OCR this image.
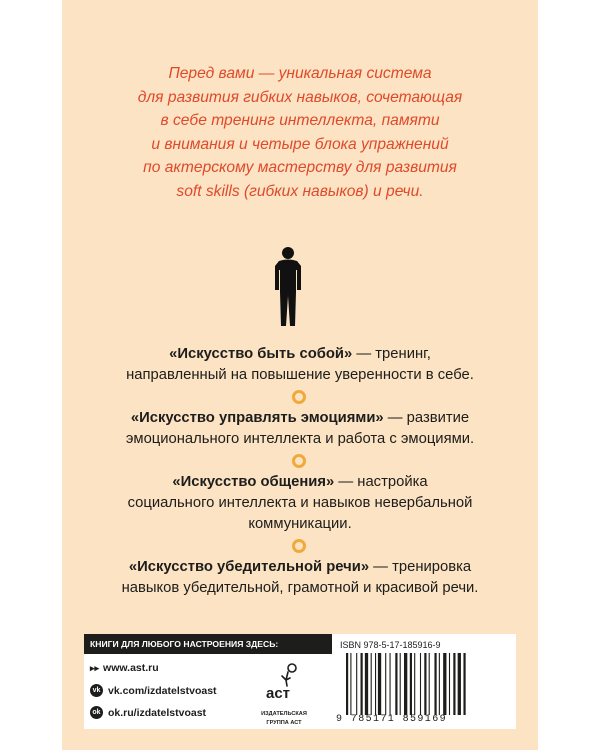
Перед вами — уникальная система
для развития гибких навыков, сочетающая
в себе тренинг интеллекта, памяти
и внимания и четыре блока упражнений
по актерскому мастерству для развития
soft skills (гибких навыков) и речи.
«Искусство быть собой» — тренинг,
направленный на повышение уверенности в себе.
«Искусство управлять эмоциями» — развитие
эмоционального интеллекта и работа с эмоциями.
«Искусство общения» — настройка
социального интеллекта и навыков невербальной
коммуникации.
«Искусство убедительной речи» — тренировка
навыков убедительной, грамотной и красивой речи.
КНИГИ ДЛЯ ЛЮБОГО НАСТРОЕНИЯ ЗДЕСЬ:
▸▸ www.ast.ru
vk vk.com/izdatelstvoast
ok ok.ru/izdatelstvoast
аст
ИЗДАТЕЛЬСКАЯ
ГРУППА АСТ
ISBN 978-5-17-185916-9
9 785171 859169
